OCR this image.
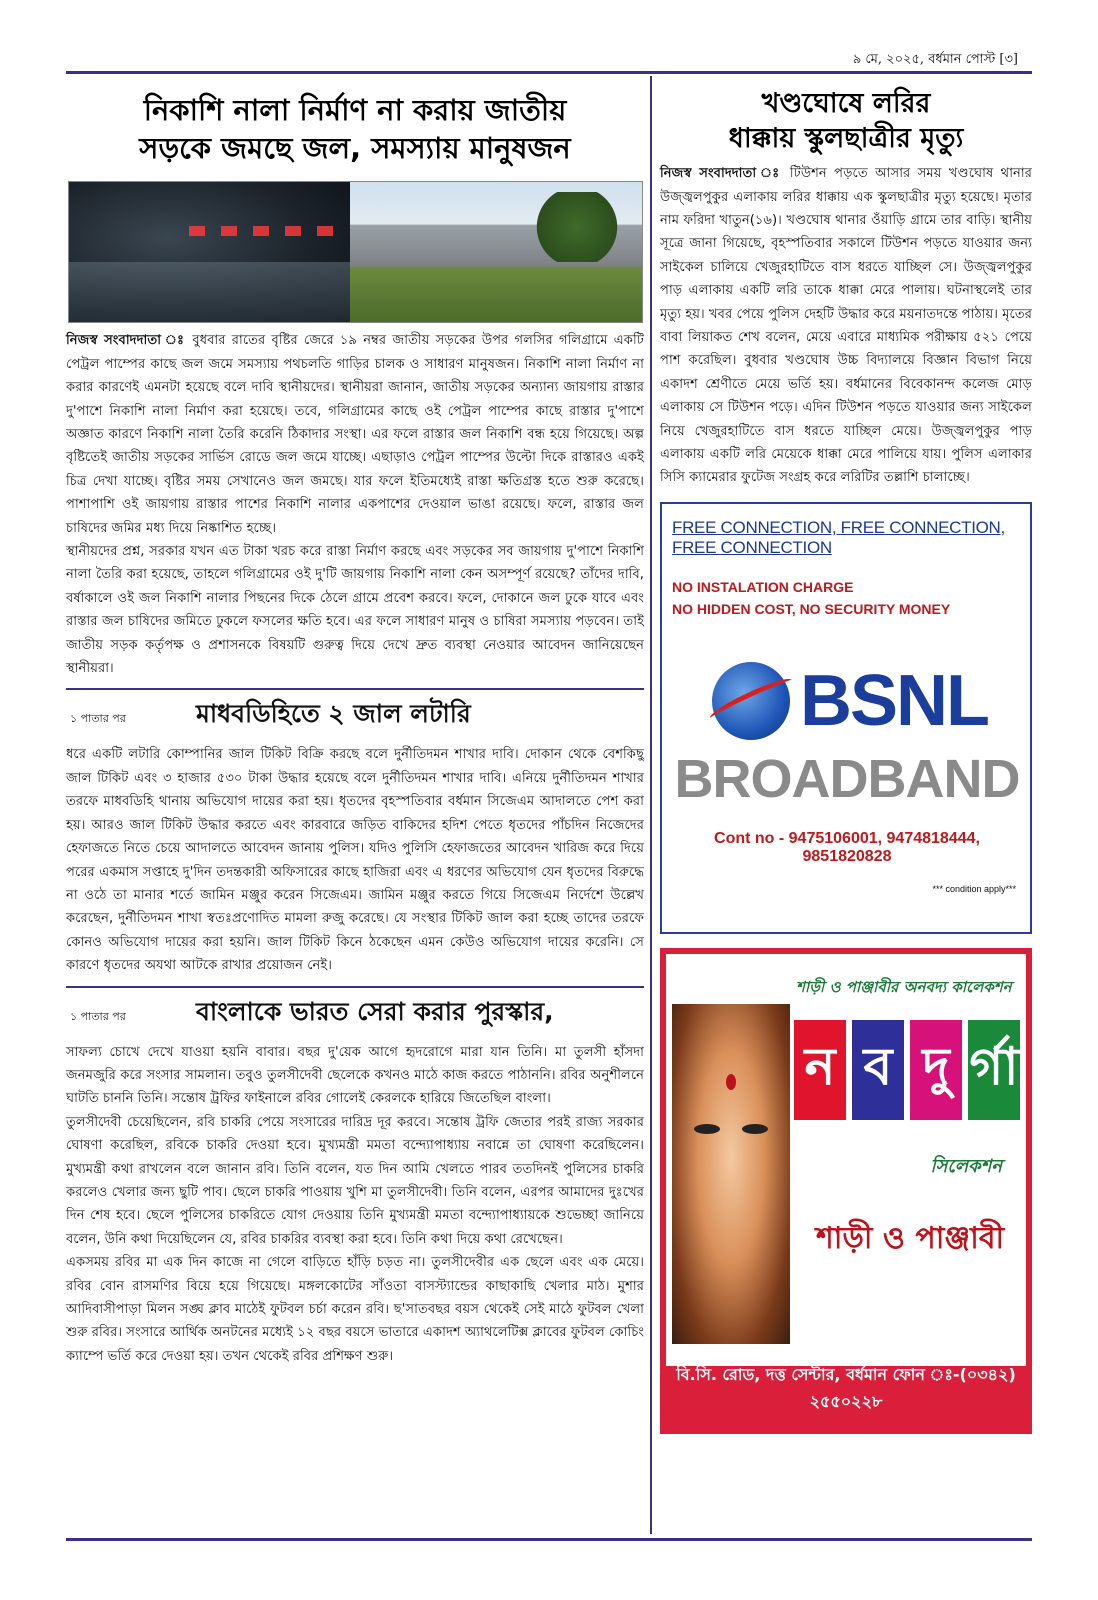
৯ মে, ২০২৫, বর্ধমান পোস্ট [৩]
নিকাশি নালা নির্মাণ না করায় জাতীয়
সড়কে জমছে জল, সমস্যায় মানুষজন

নিজস্ব সংবাদদাতা ঃ বুধবার রাতের বৃষ্টির জেরে ১৯ নম্বর জাতীয় সড়কের উপর গলসির গলিগ্রামে একটি পেট্রল পাম্পের কাছে জল জমে সমস্যায় পথচলতি গাড়ির চালক ও সাধারণ মানুষজন। নিকাশি নালা নির্মাণ না করার কারণেই এমনটা হয়েছে বলে দাবি স্থানীয়দের। স্থানীয়রা জানান, জাতীয় সড়কের অন্যান্য জায়গায় রাস্তার দু'পাশে নিকাশি নালা নির্মাণ করা হয়েছে। তবে, গলিগ্রামের কাছে ওই পেট্রল পাম্পের কাছে রাস্তার দু'পাশে অজ্ঞাত কারণে নিকাশি নালা তৈরি করেনি ঠিকাদার সংস্থা। এর ফলে রাস্তার জল নিকাশি বন্ধ হয়ে গিয়েছে। অল্প বৃষ্টিতেই জাতীয় সড়কের সার্ভিস রোডে জল জমে যাচ্ছে। এছাড়াও পেট্রল পাম্পের উল্টো দিকে রাস্তারও একই চিত্র দেখা যাচ্ছে। বৃষ্টির সময় সেখানেও জল জমছে। যার ফলে ইতিমধ্যেই রাস্তা ক্ষতিগ্রস্ত হতে শুরু করেছে। পাশাপাশি ওই জায়গায় রাস্তার পাশের নিকাশি নালার একপাশের দেওয়াল ভাঙা রয়েছে। ফলে, রাস্তার জল চাষিদের জমির মধ্য দিয়ে নিষ্কাশিত হচ্ছে।

স্থানীয়দের প্রশ্ন, সরকার যখন এত টাকা খরচ করে রাস্তা নির্মাণ করছে এবং সড়কের সব জায়গায় দু'পাশে নিকাশি নালা তৈরি করা হয়েছে, তাহলে গলিগ্রামের ওই দু'টি জায়গায় নিকাশি নালা কেন অসম্পূর্ণ রয়েছে? তাঁদের দাবি, বর্ষাকালে ওই জল নিকাশি নালার পিছনের দিকে ঠেলে গ্রামে প্রবেশ করবে। ফলে, দোকানে জল ঢুকে যাবে এবং রাস্তার জল চাষিদের জমিতে ঢুকলে ফসলের ক্ষতি হবে। এর ফলে সাধারণ মানুষ ও চাষিরা সমস্যায় পড়বেন। তাই জাতীয় সড়ক কর্তৃপক্ষ ও প্রশাসনকে বিষয়টি গুরুত্ব দিয়ে দেখে দ্রুত ব্যবস্থা নেওয়ার আবেদন জানিয়েছেন স্থানীয়রা।

১ পাতার পর	মাধবডিহিতে ২ জাল লটারি

ধরে একটি লটারি কোম্পানির জাল টিকিট বিক্রি করছে বলে দুর্নীতিদমন শাখার দাবি। দোকান থেকে বেশকিছু জাল টিকিট এবং ৩ হাজার ৫৩০ টাকা উদ্ধার হয়েছে বলে দুর্নীতিদমন শাখার দাবি। এনিয়ে দুর্নীতিদমন শাখার তরফে মাধবডিহি থানায় অভিযোগ দায়ের করা হয়। ধৃতদের বৃহস্পতিবার বর্ধমান সিজেএম আদালতে পেশ করা হয়। আরও জাল টিকিট উদ্ধার করতে এবং কারবারে জড়িত বাকিদের হদিশ পেতে ধৃতদের পাঁচদিন নিজেদের হেফাজতে নিতে চেয়ে আদালতে আবেদন জানায় পুলিস। যদিও পুলিসি হেফাজতের আবেদন খারিজ করে দিয়ে পরের একমাস সপ্তাহে দু'দিন তদন্তকারী অফিসারের কাছে হাজিরা এবং এ ধরণের অভিযোগ যেন ধৃতদের বিরুদ্ধে না ওঠে তা মানার শর্তে জামিন মঞ্জুর করেন সিজেএম। জামিন মঞ্জুর করতে গিয়ে সিজেএম নির্দেশে উল্লেখ করেছেন, দুর্নীতিদমন শাখা স্বতঃপ্রণোদিত মামলা রুজু করেছে। যে সংস্থার টিকিট জাল করা হচ্ছে তাদের তরফে কোনও অভিযোগ দায়ের করা হয়নি। জাল টিকিট কিনে ঠকেছেন এমন কেউও অভিযোগ দায়ের করেনি। সে কারণে ধৃতদের অযথা আটকে রাখার প্রয়োজন নেই।

১ পাতার পর	বাংলাকে ভারত সেরা করার পুরস্কার,

সাফল্য চোখে দেখে যাওয়া হয়নি বাবার। বছর দু'য়েক আগে হৃদরোগে মারা যান তিনি। মা তুলসী হাঁসদা জনমজুরি করে সংসার সামলান। তবুও তুলসীদেবী ছেলেকে কখনও মাঠে কাজ করতে পাঠাননি। রবির অনুশীলনে ঘাটতি চাননি তিনি। সন্তোষ ট্রফির ফাইনালে রবির গোলেই কেরলকে হারিয়ে জিতেছিল বাংলা।

তুলসীদেবী চেয়েছিলেন, রবি চাকরি পেয়ে সংসারের দারিদ্র দূর করবে। সন্তোষ ট্রফি জেতার পরই রাজ্য সরকার ঘোষণা করেছিল, রবিকে চাকরি দেওয়া হবে। মুখ্যমন্ত্রী মমতা বন্দ্যোপাধ্যায় নবান্নে তা ঘোষণা করেছিলেন। মুখ্যমন্ত্রী কথা রাখলেন বলে জানান রবি। তিনি বলেন, যত দিন আমি খেলতে পারব ততদিনই পুলিসের চাকরি করলেও খেলার জন্য ছুটি পাব। ছেলে চাকরি পাওয়ায় খুশি মা তুলসীদেবী। তিনি বলেন, এরপর আমাদের দুঃখের দিন শেষ হবে। ছেলে পুলিসের চাকরিতে যোগ দেওয়ায় তিনি মুখ্যমন্ত্রী মমতা বন্দ্যোপাধ্যায়কে শুভেচ্ছা জানিয়ে বলেন, উনি কথা দিয়েছিলেন যে, রবির চাকরির ব্যবস্থা করা হবে। তিনি কথা দিয়ে কথা রেখেছেন।

একসময় রবির মা এক দিন কাজে না গেলে বাড়িতে হাঁড়ি চড়ত না। তুলসীদেবীর এক ছেলে এবং এক মেয়ে। রবির বোন রাসমণির বিয়ে হয়ে গিয়েছে। মঙ্গলকোটের সাঁওতা বাসস্ট্যান্ডের কাছাকাছি খেলার মাঠ। মুশার আদিবাসীপাড়া মিলন সঙ্ঘ ক্লাব মাঠেই ফুটবল চর্চা করেন রবি। ছ'সাতবছর বয়স থেকেই সেই মাঠে ফুটবল খেলা শুরু রবির। সংসারে আর্থিক অনটনের মধ্যেই ১২ বছর বয়সে ভাতারে একাদশ অ্যাথলেটিক্স ক্লাবের ফুটবল কোচিং ক্যাম্পে ভর্তি করে দেওয়া হয়। তখন থেকেই রবির প্রশিক্ষণ শুরু।

খণ্ডঘোষে লরির
ধাক্কায় স্কুলছাত্রীর মৃত্যু

নিজস্ব সংবাদদাতা ঃ টিউশন পড়তে আসার সময় খণ্ডঘোষ থানার উজ্জ্বলপুকুর এলাকায় লরির ধাক্কায় এক স্কুলছাত্রীর মৃত্যু হয়েছে। মৃতার নাম ফরিদা খাতুন(১৬)। খণ্ডঘোষ থানার ওঁয়াড়ি গ্রামে তার বাড়ি। স্থানীয় সূত্রে জানা গিয়েছে, বৃহস্পতিবার সকালে টিউশন পড়তে যাওয়ার জন্য সাইকেল চালিয়ে খেজুরহাটিতে বাস ধরতে যাচ্ছিল সে। উজ্জ্বলপুকুর পাড় এলাকায় একটি লরি তাকে ধাক্কা মেরে পালায়। ঘটনাস্থলেই তার মৃত্যু হয়। খবর পেয়ে পুলিস দেহটি উদ্ধার করে ময়নাতদন্তে পাঠায়। মৃতের বাবা লিয়াকত শেখ বলেন, মেয়ে এবারে মাধ্যমিক পরীক্ষায় ৫২১ পেয়ে পাশ করেছিল। বুধবার খণ্ডঘোষ উচ্চ বিদ্যালয়ে বিজ্ঞান বিভাগ নিয়ে একাদশ শ্রেণীতে মেয়ে ভর্তি হয়। বর্ধমানের বিবেকানন্দ কলেজ মোড় এলাকায় সে টিউশন পড়ে। এদিন টিউশন পড়তে যাওয়ার জন্য সাইকেল নিয়ে খেজুরহাটিতে বাস ধরতে যাচ্ছিল মেয়ে। উজ্জ্বলপুকুর পাড় এলাকায় একটি লরি মেয়েকে ধাক্কা মেরে পালিয়ে যায়। পুলিস এলাকার সিসি ক্যামেরার ফুটেজ সংগ্রহ করে লরিটির তল্লাশি চালাচ্ছে।

FREE CONNECTION, FREE CONNECTION, FREE CONNECTION
NO INSTALATION CHARGE
NO HIDDEN COST, NO SECURITY MONEY
BSNL
BROADBAND
Cont no - 9475106001, 9474818444, 9851820828
*** condition apply***
শাড়ী ও পাঞ্জাবীর অনবদ্য কালেকশন
ন ব দু র্গা
সিলেকশন
শাড়ী ও পাঞ্জাবী
বি.সি. রোড, দত্ত সেন্টার, বর্ধমান ফোন ঃ-(০৩৪২) ২৫৫০২২৮
